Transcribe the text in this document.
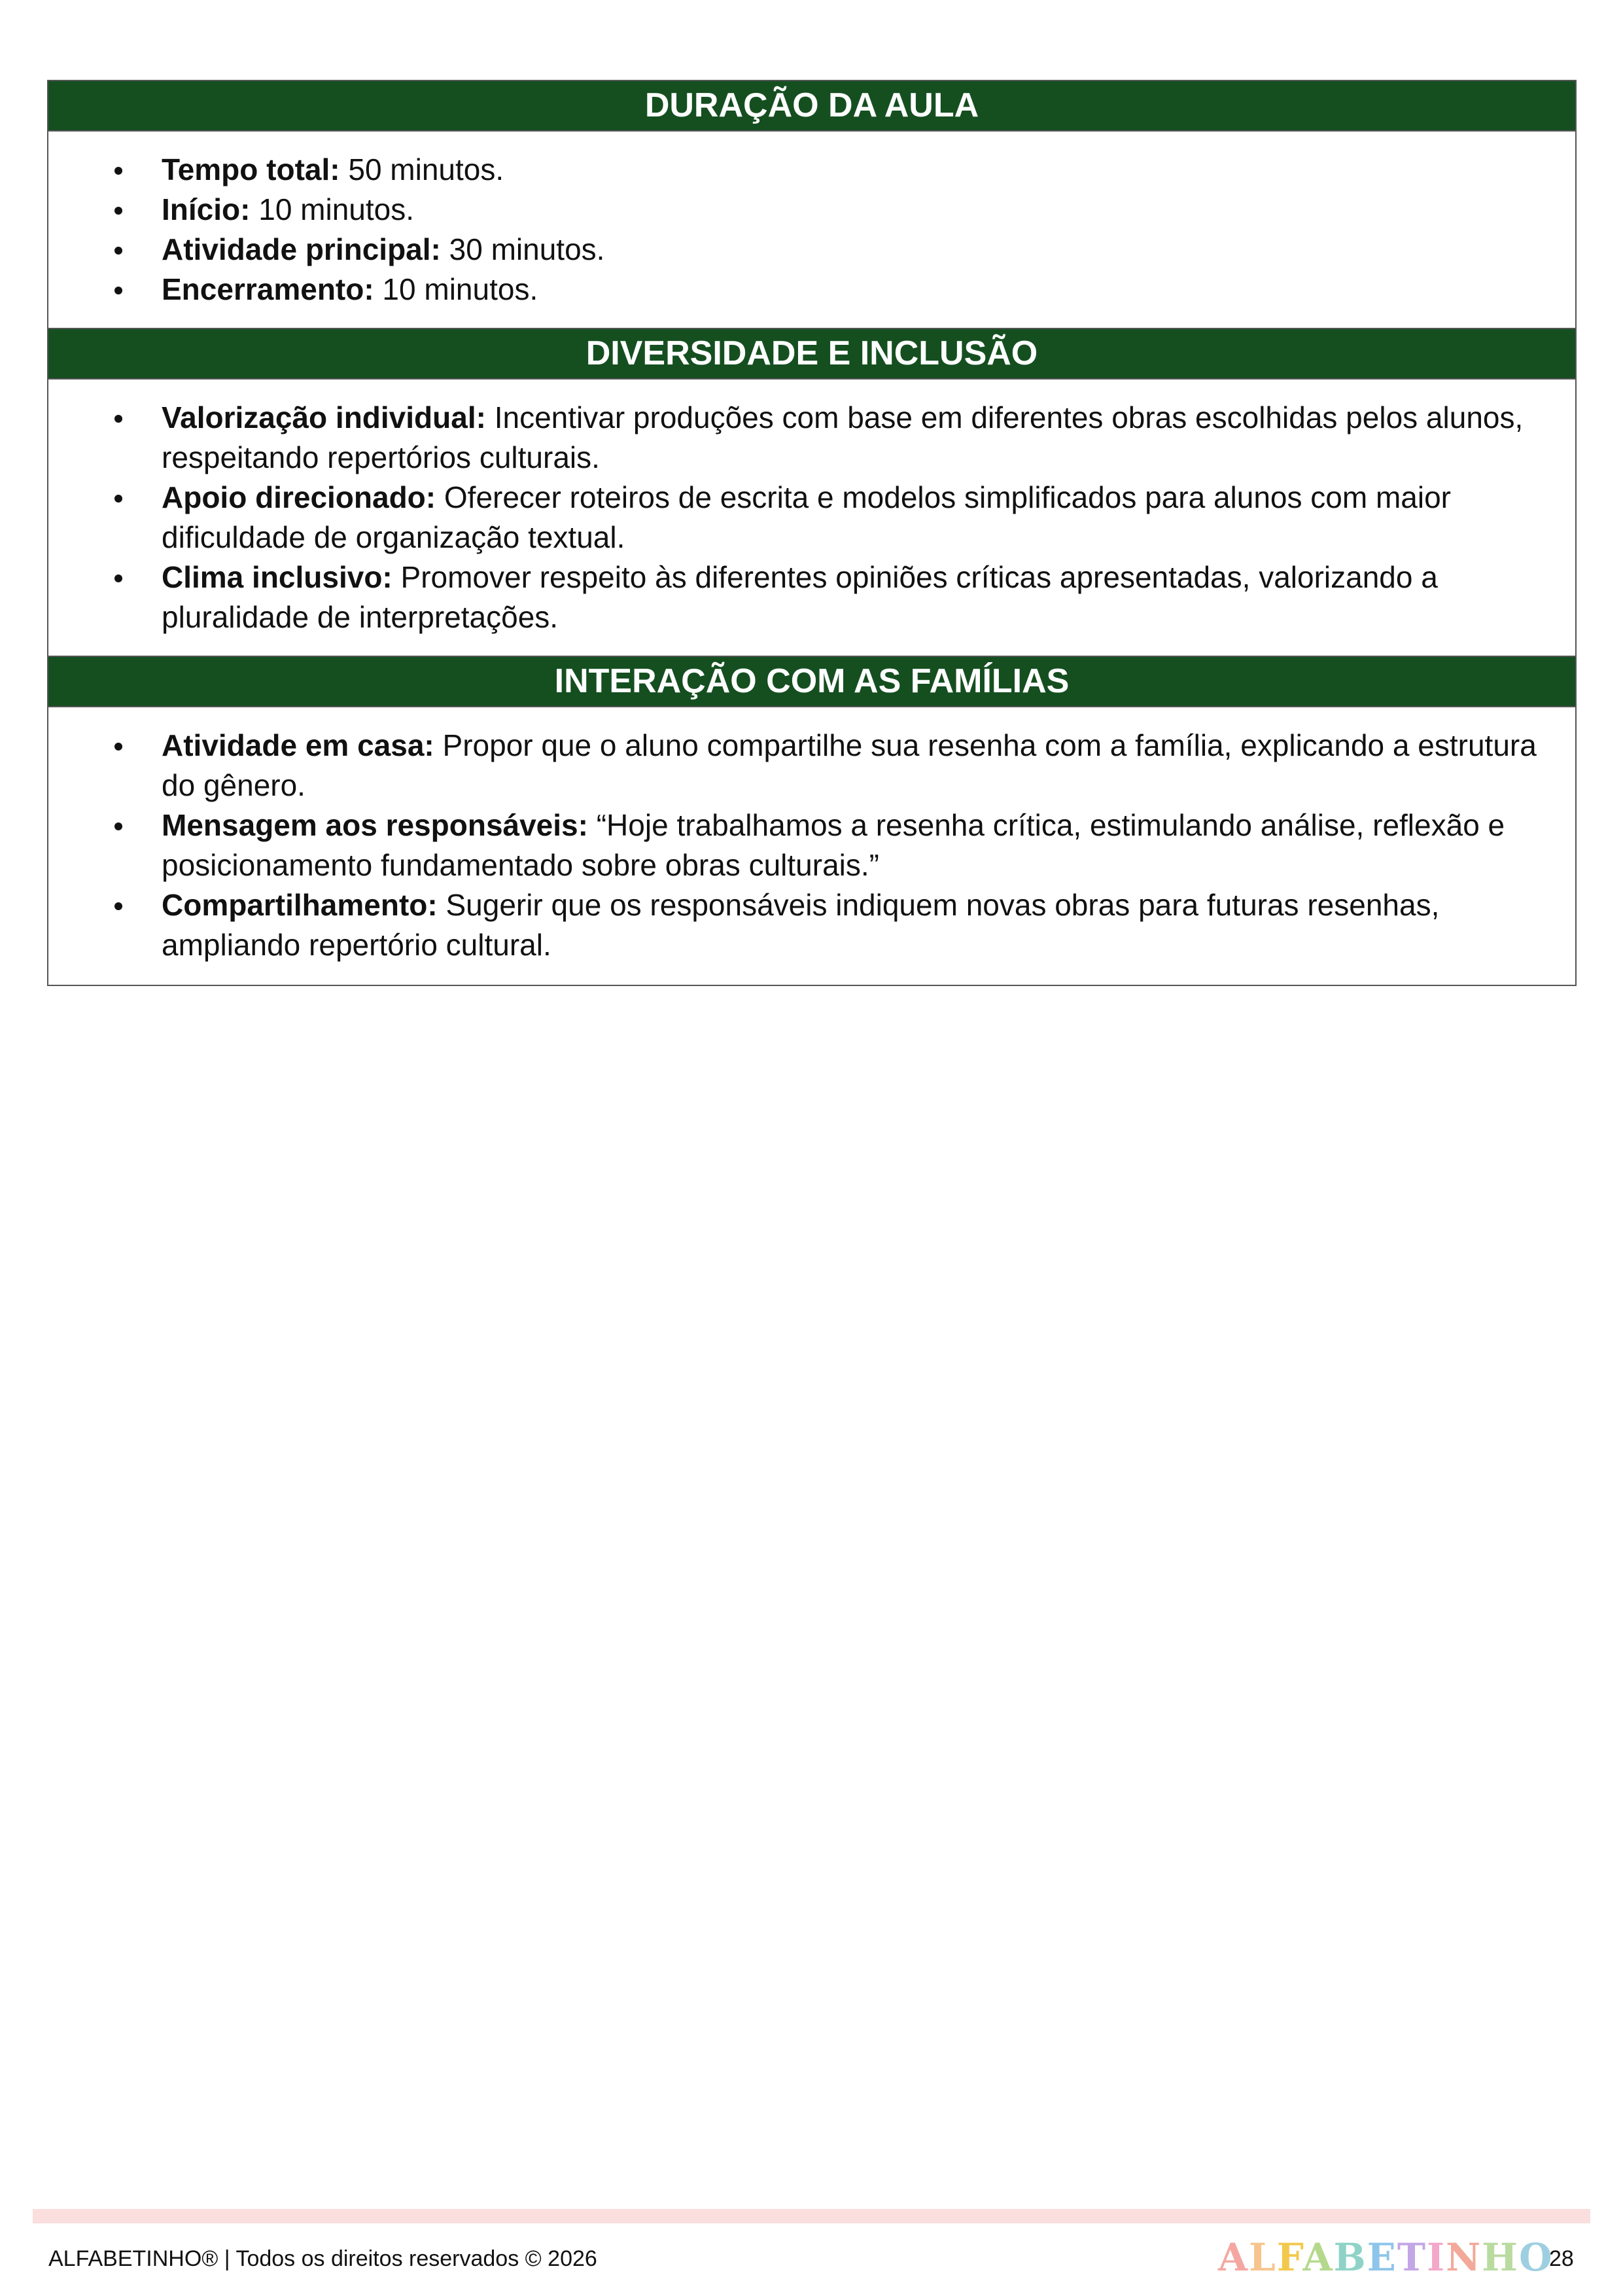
DURAÇÃO DA AULA
Tempo total: 50 minutos.
Início: 10 minutos.
Atividade principal: 30 minutos.
Encerramento: 10 minutos.
DIVERSIDADE E INCLUSÃO
Valorização individual: Incentivar produções com base em diferentes obras escolhidas pelos alunos, respeitando repertórios culturais.
Apoio direcionado: Oferecer roteiros de escrita e modelos simplificados para alunos com maior dificuldade de organização textual.
Clima inclusivo: Promover respeito às diferentes opiniões críticas apresentadas, valorizando a pluralidade de interpretações.
INTERAÇÃO COM AS FAMÍLIAS
Atividade em casa: Propor que o aluno compartilhe sua resenha com a família, explicando a estrutura do gênero.
Mensagem aos responsáveis: “Hoje trabalhamos a resenha crítica, estimulando análise, reflexão e posicionamento fundamentado sobre obras culturais.”
Compartilhamento: Sugerir que os responsáveis indiquem novas obras para futuras resenhas, ampliando repertório cultural.
ALFABETINHO® | Todos os direitos reservados © 2026	ALFABETINHO
28
